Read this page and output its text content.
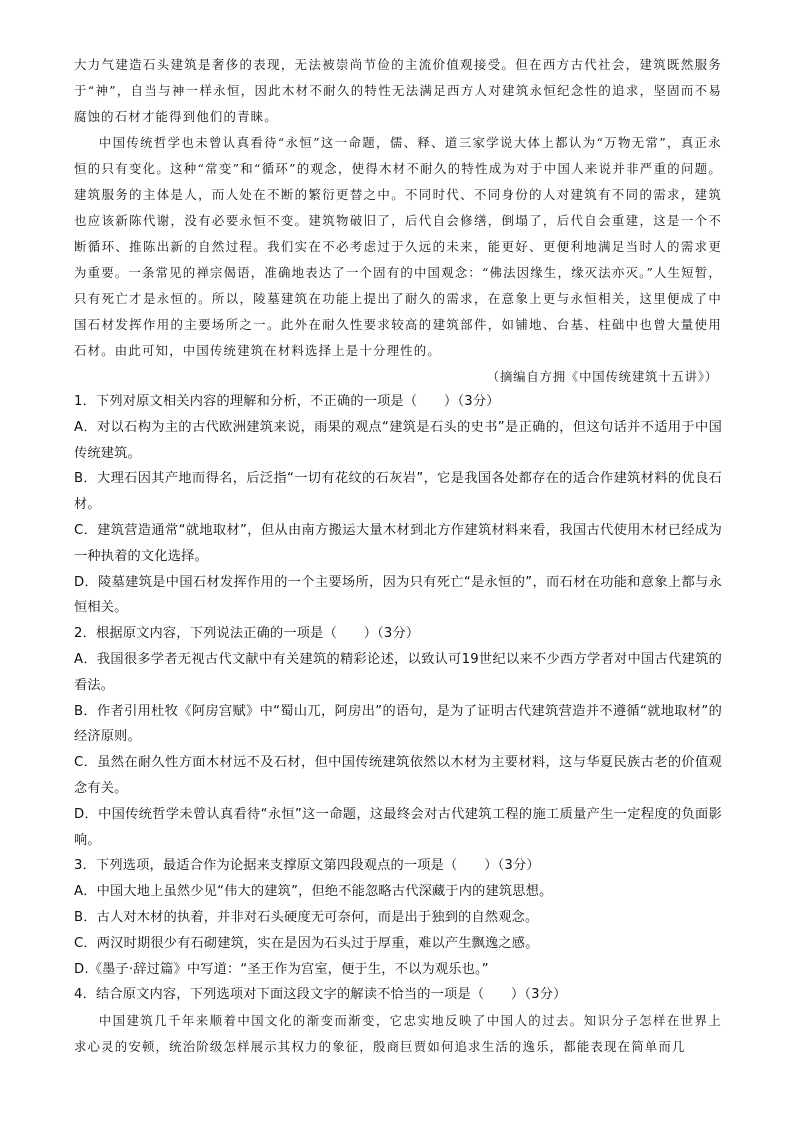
大力气建造石头建筑是奢侈的表现，无法被崇尚节俭的主流价值观接受。但在西方古代社会，建筑既然服务于“神”，自当与神一样永恒，因此木材不耐久的特性无法满足西方人对建筑永恒纪念性的追求，坚固而不易腐蚀的石材才能得到他们的青睐。

中国传统哲学也未曾认真看待“永恒”这一命题，儒、释、道三家学说大体上都认为“万物无常”，真正永恒的只有变化。这种“常变”和“循环”的观念，使得木材不耐久的特性成为对于中国人来说并非严重的问题。建筑服务的主体是人，而人处在不断的繁衍更替之中。不同时代、不同身份的人对建筑有不同的需求，建筑也应该新陈代谢，没有必要永恒不变。建筑物破旧了，后代自会修缮，倒塌了，后代自会重建，这是一个不断循环、推陈出新的自然过程。我们实在不必考虑过于久远的未来，能更好、更便利地满足当时人的需求更为重要。一条常见的禅宗偈语，准确地表达了一个固有的中国观念：“佛法因缘生，缘灭法亦灭。”人生短暂，只有死亡才是永恒的。所以，陵墓建筑在功能上提出了耐久的需求，在意象上更与永恒相关，这里便成了中国石材发挥作用的主要场所之一。此外在耐久性要求较高的建筑部件，如铺地、台基、柱础中也曾大量使用石材。由此可知，中国传统建筑在材料选择上是十分理性的。

（摘编自方拥《中国传统建筑十五讲》）

1．下列对原文相关内容的理解和分析，不正确的一项是（　　）（3分）

A．对以石构为主的古代欧洲建筑来说，雨果的观点“建筑是石头的史书”是正确的，但这句话并不适用于中国传统建筑。

B．大理石因其产地而得名，后泛指“一切有花纹的石灰岩”，它是我国各处都存在的适合作建筑材料的优良石材。

C．建筑营造通常“就地取材”，但从由南方搬运大量木材到北方作建筑材料来看，我国古代使用木材已经成为一种执着的文化选择。

D．陵墓建筑是中国石材发挥作用的一个主要场所，因为只有死亡“是永恒的”，而石材在功能和意象上都与永恒相关。

2．根据原文内容，下列说法正确的一项是（　　）（3分）

A．我国很多学者无视古代文献中有关建筑的精彩论述，以致认可19世纪以来不少西方学者对中国古代建筑的看法。

B．作者引用杜牧《阿房宫赋》中“蜀山兀，阿房出”的语句，是为了证明古代建筑营造并不遵循“就地取材”的经济原则。

C．虽然在耐久性方面木材远不及石材，但中国传统建筑依然以木材为主要材料，这与华夏民族古老的价值观念有关。

D．中国传统哲学未曾认真看待“永恒”这一命题，这最终会对古代建筑工程的施工质量产生一定程度的负面影响。

3．下列选项，最适合作为论据来支撑原文第四段观点的一项是（　　）（3分）

A．中国大地上虽然少见“伟大的建筑”，但绝不能忽略古代深藏于内的建筑思想。

B．古人对木材的执着，并非对石头硬度无可奈何，而是出于独到的自然观念。

C．两汉时期很少有石砌建筑，实在是因为石头过于厚重，难以产生飘逸之感。

D.《墨子·辞过篇》中写道：“圣王作为宫室，便于生，不以为观乐也。”

4．结合原文内容，下列选项对下面这段文字的解读不恰当的一项是（　　）（3分）

中国建筑几千年来顺着中国文化的渐变而渐变，它忠实地反映了中国人的过去。知识分子怎样在世界上求心灵的安顿，统治阶级怎样展示其权力的象征，殷商巨贾如何追求生活的逸乐，都能表现在简单而几
